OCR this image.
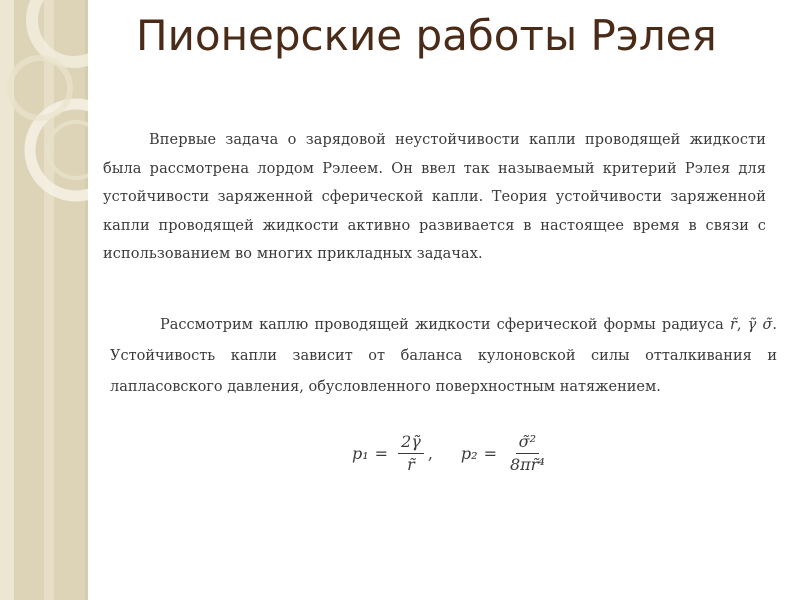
Пионерские работы Рэлея

Впервые задача о зарядовой неустойчивости капли проводящей жидкости была рассмотрена лордом Рэлеем. Он ввел так называемый критерий Рэлея для устойчивости заряженной сферической капли. Теория устойчивости заряженной капли проводящей жидкости активно развивается в настоящее время в связи с использованием во многих прикладных задачах.

Рассмотрим каплю проводящей жидкости сферической формы радиуса r̃, γ̃ σ̃. Устойчивость капли зависит от баланса кулоновской силы отталкивания и лапласовского давления, обусловленного поверхностным натяжением.

$p_1 = \frac{2\gammã}{r̃}$ , $p_2 = \frac{\text{σ̃²}}{\text{8πr̃⁴}}$
